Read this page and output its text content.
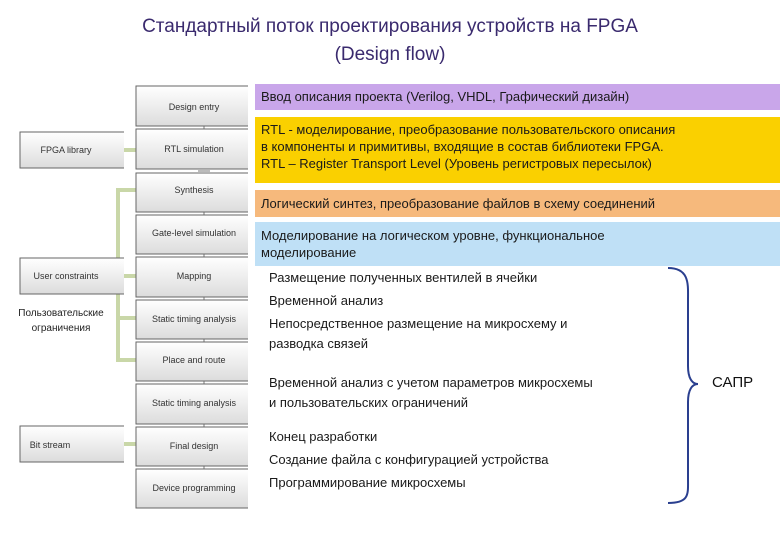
Стандартный поток проектирования устройств на FPGA
(Design flow)
Design entry
RTL simulation
Synthesis
Gate-level simulation
Mapping
Static timing analysis
Place and route
Static timing analysis
Final design
Device programming
FPGA library
User constraints
Bit stream
Пользовательские
ограничения
Ввод описания проекта (Verilog, VHDL, Графический дизайн)
RTL - моделирование, преобразование пользовательского описания
в компоненты и примитивы, входящие в состав библиотеки FPGA.
RTL – Register Transport Level (Уровень регистровых пересылок)
Логический синтез, преобразование файлов в схему соединений
Моделирование на логическом уровне, функциональное
моделирование
Размещение полученных вентилей в ячейки
Временной анализ
Непосредственное размещение на микросхему и
разводка связей
Временной анализ с учетом параметров микросхемы
и пользовательских ограничений
Конец разработки
Создание файла с конфигурацией устройства
Программирование микросхемы
САПР
